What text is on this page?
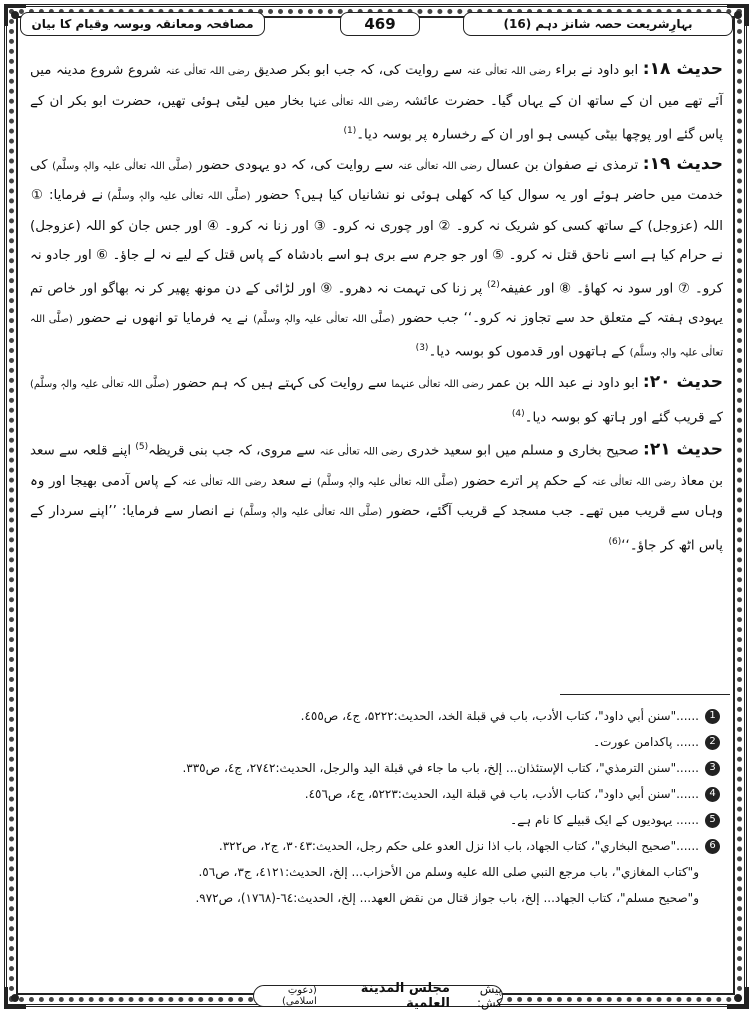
بہارِشریعت حصہ شانز دہم (16)
469
مصافحہ ومعانقہ وبوسہ وقیام کا بیان

حدیث ۱۸: ابو داود نے براء رضی اللہ تعالٰی عنہ سے روایت کی، کہ جب ابو بکر صدیق رضی اللہ تعالٰی عنہ شروع شروع مدینہ میں آئے تھے میں ان کے ساتھ ان کے یہاں گیا۔ حضرت عائشہ رضی اللہ تعالٰی عنہا بخار میں لیٹی ہوئی تھیں، حضرت ابو بکر ان کے پاس گئے اور پوچھا بیٹی کیسی ہو اور ان کے رخسارہ پر بوسہ دیا۔$^{(1)}$

حدیث ۱۹: ترمذی نے صفوان بن عسال رضی اللہ تعالٰی عنہ سے روایت کی، کہ دو یہودی حضور (صلَّی اللہ تعالٰی علیہ والہٖ وسلَّم) کی خدمت میں حاضر ہوئے اور یہ سوال کیا کہ کھلی ہوئی نو نشانیاں کیا ہیں؟ حضور (صلَّی اللہ تعالٰی علیہ والہٖ وسلَّم) نے فرمایا: ① اللہ (عزوجل) کے ساتھ کسی کو شریک نہ کرو۔ ② اور چوری نہ کرو۔ ③ اور زنا نہ کرو۔ ④ اور جس جان کو اللہ (عزوجل) نے حرام کیا ہے اسے ناحق قتل نہ کرو۔ ⑤ اور جو جرم سے بری ہو اسے بادشاہ کے پاس قتل کے لیے نہ لے جاؤ۔ ⑥ اور جادو نہ کرو۔ ⑦ اور سود نہ کھاؤ۔ ⑧ اور عفیفہ$^{(2)}$ پر زنا کی تہمت نہ دھرو۔ ⑨ اور لڑائی کے دن مونھ پھیر کر نہ بھاگو اور خاص تم یہودی ہفتہ کے متعلق حد سے تجاوز نہ کرو۔‘‘ جب حضور (صلَّی اللہ تعالٰی علیہ والہٖ وسلَّم) نے یہ فرمایا تو انھوں نے حضور (صلَّی اللہ تعالٰی علیہ والہٖ وسلَّم) کے ہاتھوں اور قدموں کو بوسہ دیا۔$^{(3)}$

حدیث ۲۰: ابو داود نے عبد اللہ بن عمر رضی اللہ تعالٰی عنہما سے روایت کی کہتے ہیں کہ ہم حضور (صلَّی اللہ تعالٰی علیہ والہٖ وسلَّم) کے قریب گئے اور ہاتھ کو بوسہ دیا۔$^{(4)}$

حدیث ۲۱: صحیح بخاری و مسلم میں ابو سعید خدری رضی اللہ تعالٰی عنہ سے مروی، کہ جب بنی قریظہ$^{(5)}$ اپنے قلعہ سے سعد بن معاذ رضی اللہ تعالٰی عنہ کے حکم پر اترے حضور (صلَّی اللہ تعالٰی علیہ والہٖ وسلَّم) نے سعد رضی اللہ تعالٰی عنہ کے پاس آدمی بھیجا اور وہ وہاں سے قریب میں تھے۔ جب مسجد کے قریب آگئے، حضور (صلَّی اللہ تعالٰی علیہ والہٖ وسلَّم) نے انصار سے فرمایا: ’’اپنے سردار کے پاس اٹھ کر جاؤ۔‘‘$^{(6)}$

1
......"سنن أبي داود"، كتاب الأدب، باب في قبلة الخد، الحديث:۵۲۲۲، ج٤، ص٤٥٥.
2
...... پاکدامن عورت۔
3
......"سنن الترمذي"، كتاب الإستئذان... إلخ، باب ما جاء في قبلة اليد والرجل، الحديث:۲۷٤۲، ج٤، ص٣٣٥.
4
......"سنن أبي داود"، كتاب الأدب، باب في قبلة اليد، الحديث:۵۲۲۳، ج٤، ص٤٥٦.
5
...... یہودیوں کے ایک قبیلے کا نام ہے۔
6
......"صحيح البخاري"، كتاب الجهاد، باب اذا نزل العدو على حكم رجل، الحديث:٣٠٤٣، ج٢، ص٣٢٢.

و"كتاب المغازي"، باب مرجع النبي صلى الله عليه وسلم من الأحزاب... إلخ، الحديث:٤١٢١، ج٣، ص٥٦.

و"صحيح مسلم"، كتاب الجهاد... إلخ، باب جواز قتال من نقض العهد... إلخ، الحديث:٦٤-(١٧٦٨)، ص٩٧٢.

پیش کش:
مجلس المدينة العلمية
(دعوتِ اسلامی)
